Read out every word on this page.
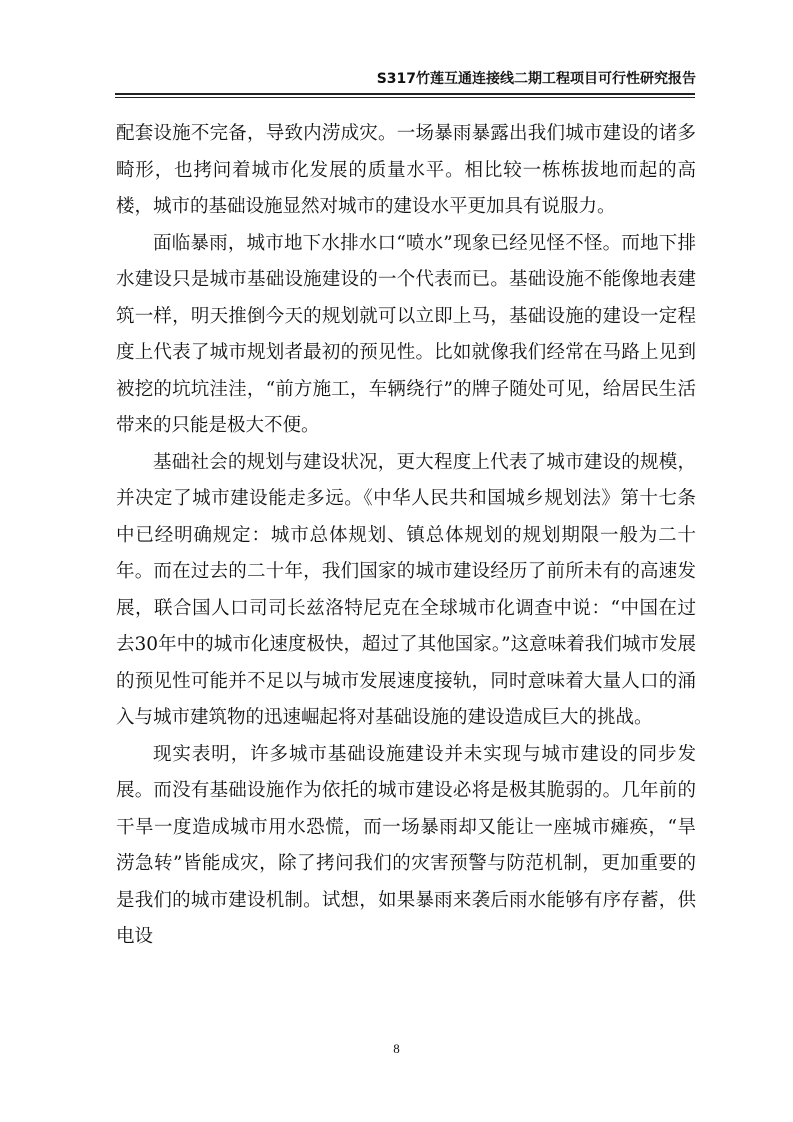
S317竹莲互通连接线二期工程项目可行性研究报告

配套设施不完备，导致内涝成灾。一场暴雨暴露出我们城市建设的诸多畸形，也拷问着城市化发展的质量水平。相比较一栋栋拔地而起的高楼，城市的基础设施显然对城市的建设水平更加具有说服力。

面临暴雨，城市地下水排水口“喷水”现象已经见怪不怪。而地下排水建设只是城市基础设施建设的一个代表而已。基础设施不能像地表建筑一样，明天推倒今天的规划就可以立即上马，基础设施的建设一定程度上代表了城市规划者最初的预见性。比如就像我们经常在马路上见到被挖的坑坑洼洼，“前方施工，车辆绕行”的牌子随处可见，给居民生活带来的只能是极大不便。

基础社会的规划与建设状况，更大程度上代表了城市建设的规模，并决定了城市建设能走多远。《中华人民共和国城乡规划法》第十七条中已经明确规定：城市总体规划、镇总体规划的规划期限一般为二十年。而在过去的二十年，我们国家的城市建设经历了前所未有的高速发展，联合国人口司司长兹洛特尼克在全球城市化调查中说：“中国在过去30年中的城市化速度极快，超过了其他国家。”这意味着我们城市发展的预见性可能并不足以与城市发展速度接轨，同时意味着大量人口的涌入与城市建筑物的迅速崛起将对基础设施的建设造成巨大的挑战。

现实表明，许多城市基础设施建设并未实现与城市建设的同步发展。而没有基础设施作为依托的城市建设必将是极其脆弱的。几年前的干旱一度造成城市用水恐慌，而一场暴雨却又能让一座城市瘫痪，“旱涝急转”皆能成灾，除了拷问我们的灾害预警与防范机制，更加重要的是我们的城市建设机制。试想，如果暴雨来袭后雨水能够有序存蓄，供电设

8
